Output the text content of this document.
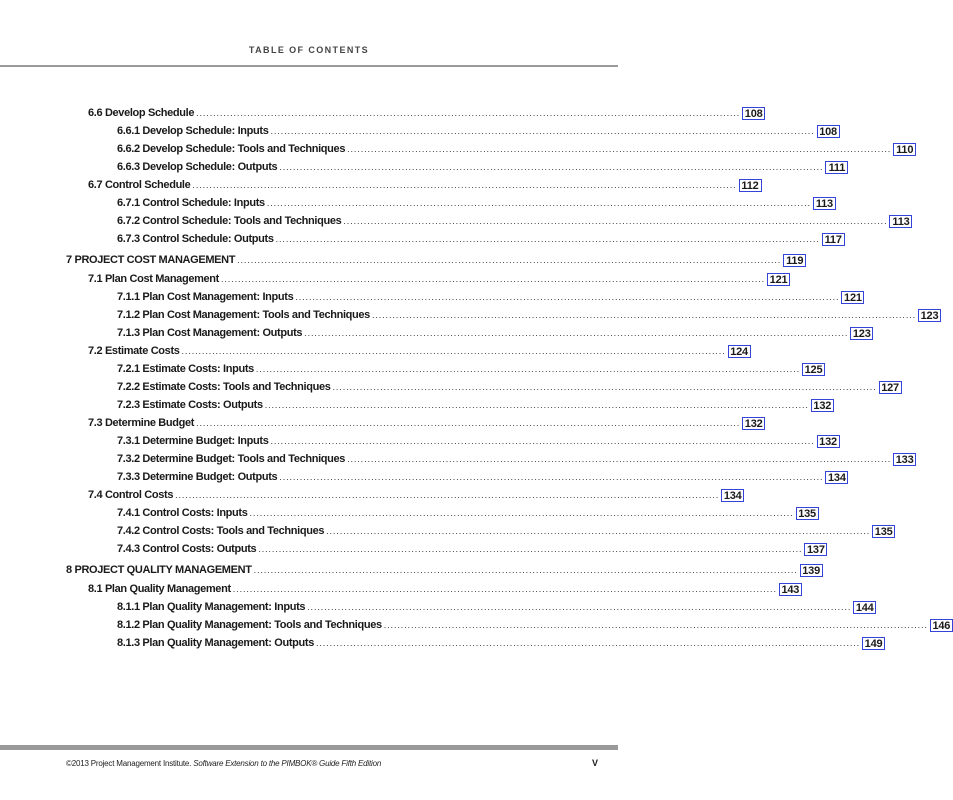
TABLE OF CONTENTS
6.6 Develop Schedule ................................................................................................................................................................ 108
6.6.1 Develop Schedule: Inputs ................................................................................................................................................................ 108
6.6.2 Develop Schedule: Tools and Techniques ................................................................................................................................................................ 110
6.6.3 Develop Schedule: Outputs ................................................................................................................................................................ 111
6.7 Control Schedule ................................................................................................................................................................ 112
6.7.1 Control Schedule: Inputs ................................................................................................................................................................ 113
6.7.2 Control Schedule: Tools and Techniques ................................................................................................................................................................ 113
6.7.3 Control Schedule: Outputs ................................................................................................................................................................ 117
7 PROJECT COST MANAGEMENT ................................................................................................................................................................ 119
7.1 Plan Cost Management ................................................................................................................................................................ 121
7.1.1 Plan Cost Management: Inputs ................................................................................................................................................................ 121
7.1.2 Plan Cost Management: Tools and Techniques ................................................................................................................................................................ 123
7.1.3 Plan Cost Management: Outputs ................................................................................................................................................................ 123
7.2 Estimate Costs ................................................................................................................................................................ 124
7.2.1 Estimate Costs: Inputs ................................................................................................................................................................ 125
7.2.2 Estimate Costs: Tools and Techniques ................................................................................................................................................................ 127
7.2.3 Estimate Costs: Outputs ................................................................................................................................................................ 132
7.3 Determine Budget ................................................................................................................................................................ 132
7.3.1 Determine Budget: Inputs ................................................................................................................................................................ 132
7.3.2 Determine Budget: Tools and Techniques ................................................................................................................................................................ 133
7.3.3 Determine Budget: Outputs ................................................................................................................................................................ 134
7.4 Control Costs ................................................................................................................................................................ 134
7.4.1 Control Costs: Inputs ................................................................................................................................................................ 135
7.4.2 Control Costs: Tools and Techniques ................................................................................................................................................................ 135
7.4.3 Control Costs: Outputs ................................................................................................................................................................ 137
8 PROJECT QUALITY MANAGEMENT ................................................................................................................................................................ 139
8.1 Plan Quality Management ................................................................................................................................................................ 143
8.1.1 Plan Quality Management: Inputs ................................................................................................................................................................ 144
8.1.2 Plan Quality Management: Tools and Techniques ................................................................................................................................................................ 146
8.1.3 Plan Quality Management: Outputs ................................................................................................................................................................ 149
©2013 Project Management Institute. Software Extension to the PIMBOK® Guide Fifth Edition	V
